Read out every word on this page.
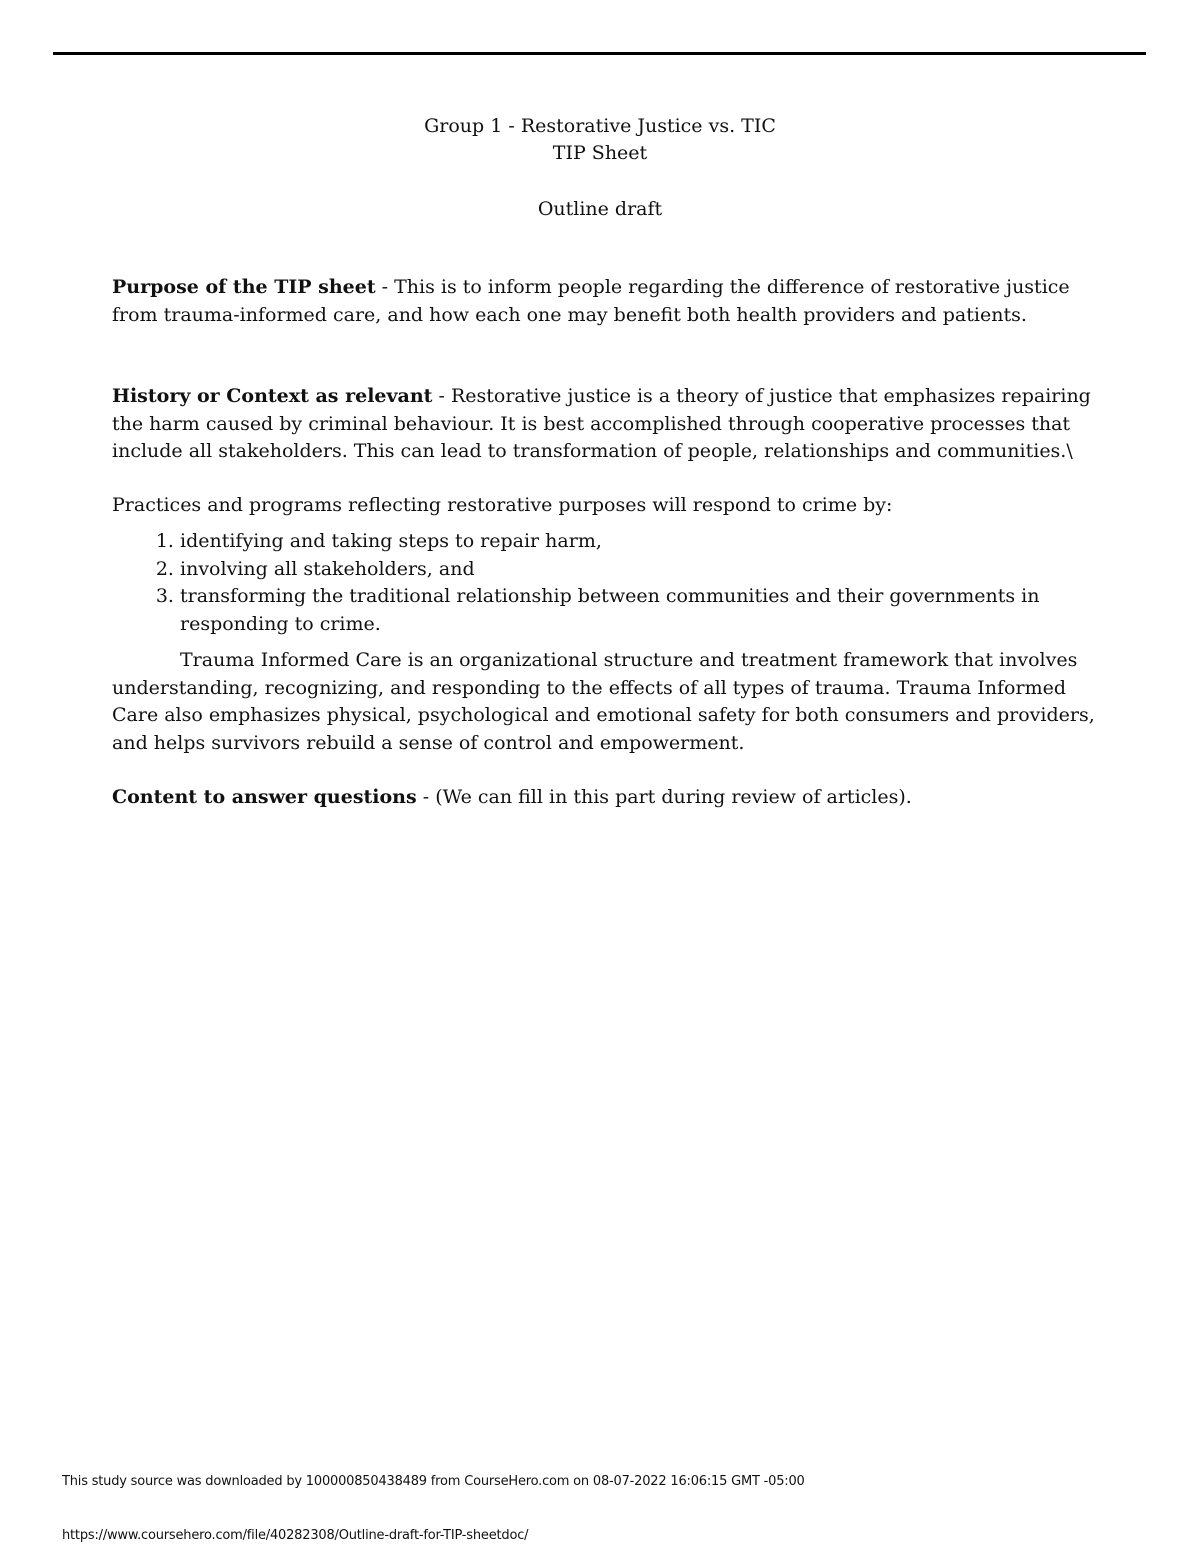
Group 1 - Restorative Justice vs. TIC
TIP Sheet
Outline draft

Purpose of the TIP sheet - This is to inform people regarding the difference of restorative justice from trauma-informed care, and how each one may benefit both health providers and patients.

History or Context as relevant - Restorative justice is a theory of justice that emphasizes repairing the harm caused by criminal behaviour. It is best accomplished through cooperative processes that include all stakeholders. This can lead to transformation of people, relationships and communities.\

Practices and programs reflecting restorative purposes will respond to crime by:

1. identifying and taking steps to repair harm,
2. involving all stakeholders, and
3. transforming the traditional relationship between communities and their governments in responding to crime.

Trauma Informed Care is an organizational structure and treatment framework that involves understanding, recognizing, and responding to the effects of all types of trauma. Trauma Informed Care also emphasizes physical, psychological and emotional safety for both consumers and providers, and helps survivors rebuild a sense of control and empowerment.

Content to answer questions - (We can fill in this part during review of articles).

This study source was downloaded by 100000850438489 from CourseHero.com on 08-07-2022 16:06:15 GMT -05:00
https://www.coursehero.com/file/40282308/Outline-draft-for-TIP-sheetdoc/
